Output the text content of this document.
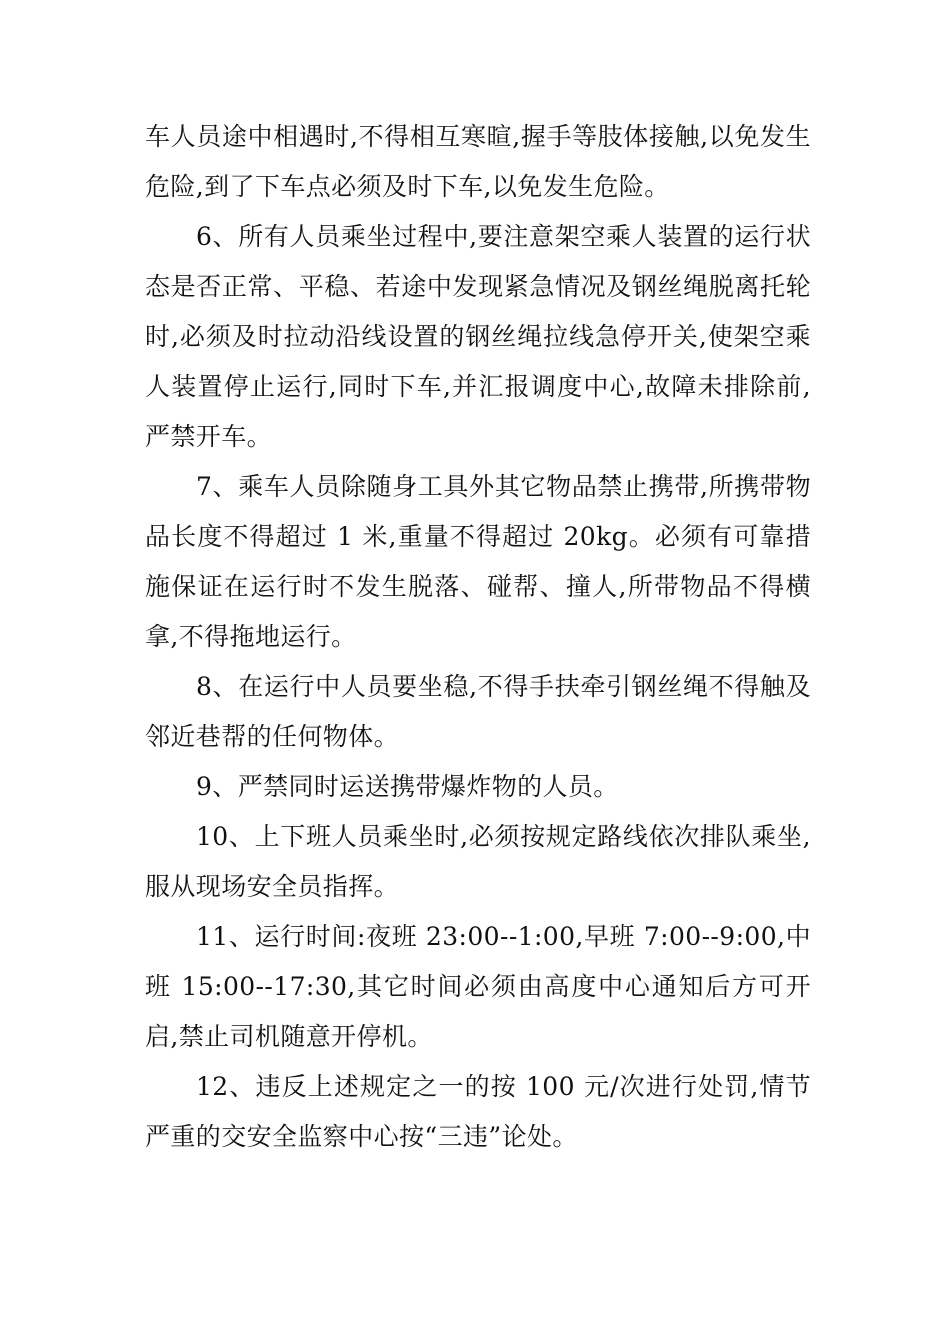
车人员途中相遇时,不得相互寒暄,握手等肢体接触,以免发生危险,到了下车点必须及时下车,以免发生危险。

6、所有人员乘坐过程中,要注意架空乘人装置的运行状态是否正常、平稳、若途中发现紧急情况及钢丝绳脱离托轮时,必须及时拉动沿线设置的钢丝绳拉线急停开关,使架空乘人装置停止运行,同时下车,并汇报调度中心,故障未排除前,严禁开车。

7、乘车人员除随身工具外其它物品禁止携带,所携带物品长度不得超过 1 米,重量不得超过 20kg。必须有可靠措施保证在运行时不发生脱落、碰帮、撞人,所带物品不得横拿,不得拖地运行。

8、在运行中人员要坐稳,不得手扶牵引钢丝绳不得触及邻近巷帮的任何物体。

9、严禁同时运送携带爆炸物的人员。

10、上下班人员乘坐时,必须按规定路线依次排队乘坐,服从现场安全员指挥。

11、运行时间:夜班 23:00--1:00,早班 7:00--9:00,中班 15:00--17:30,其它时间必须由高度中心通知后方可开启,禁止司机随意开停机。

12、违反上述规定之一的按 100 元/次进行处罚,情节严重的交安全监察中心按“三违”论处。
